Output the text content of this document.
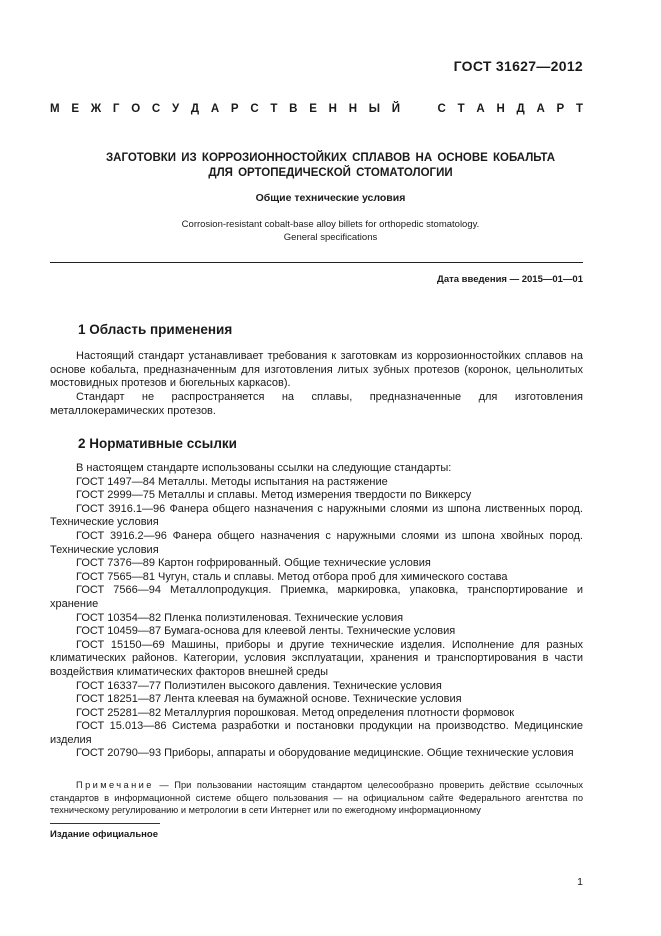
ГОСТ 31627—2012
М Е Ж Г О С У Д А Р С Т В Е Н Н Ы Й	С Т А Н Д А Р Т
ЗАГОТОВКИ ИЗ КОРРОЗИОННОСТОЙКИХ СПЛАВОВ НА ОСНОВЕ КОБАЛЬТА
ДЛЯ ОРТОПЕДИЧЕСКОЙ СТОМАТОЛОГИИ
Общие технические условия
Corrosion-resistant cobalt-base alloy billets for orthopedic stomatology.
General specifications
Дата введения — 2015—01—01
1 Область применения

Настоящий стандарт устанавливает требования к заготовкам из коррозионностойких сплавов на основе кобальта, предназначенным для изготовления литых зубных протезов (коронок, цельнолитых мостовидных протезов и бюгельных каркасов).

Стандарт не распространяется на сплавы, предназначенные для изготовления металлокерамических протезов.

2 Нормативные ссылки

В настоящем стандарте использованы ссылки на следующие стандарты:

ГОСТ 1497—84 Металлы. Методы испытания на растяжение

ГОСТ 2999—75 Металлы и сплавы. Метод измерения твердости по Виккерсу

ГОСТ 3916.1—96 Фанера общего назначения с наружными слоями из шпона лиственных пород. Технические условия

ГОСТ 3916.2—96 Фанера общего назначения с наружными слоями из шпона хвойных пород. Технические условия

ГОСТ 7376—89 Картон гофрированный. Общие технические условия

ГОСТ 7565—81 Чугун, сталь и сплавы. Метод отбора проб для химического состава

ГОСТ 7566—94 Металлопродукция. Приемка, маркировка, упаковка, транспортирование и хранение

ГОСТ 10354—82 Пленка полиэтиленовая. Технические условия

ГОСТ 10459—87 Бумага-основа для клеевой ленты. Технические условия

ГОСТ 15150—69 Машины, приборы и другие технические изделия. Исполнение для разных климатических районов. Категории, условия эксплуатации, хранения и транспортирования в части воздействия климатических факторов внешней среды

ГОСТ 16337—77 Полиэтилен высокого давления. Технические условия

ГОСТ 18251—87 Лента клеевая на бумажной основе. Технические условия

ГОСТ 25281—82 Металлургия порошковая. Метод определения плотности формовок

ГОСТ 15.013—86 Система разработки и постановки продукции на производство. Медицинские изделия

ГОСТ 20790—93 Приборы, аппараты и оборудование медицинские. Общие технические условия

Примечание — При пользовании настоящим стандартом целесообразно проверить действие ссылочных стандартов в информационной системе общего пользования — на официальном сайте Федерального агентства по техническому регулированию и метрологии в сети Интернет или по ежегодному информационному
Издание официальное
1
